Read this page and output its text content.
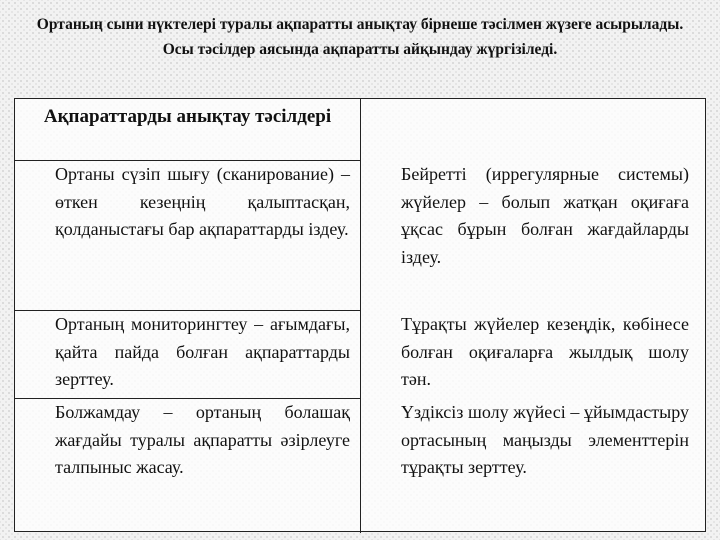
Ортаның сыни нүктелері туралы ақпаратты анықтау бірнеше тәсілмен жүзеге асырылады. Осы тәсілдер аясында ақпаратты айқындау жүргізіледі.
Ақпараттарды анықтау тәсілдері
Ортаны сүзіп шығу (сканирование) – өткен кезеңнің қалыптасқан, қолданыстағы бар ақпараттарды іздеу.
Бейреттi (иррегулярные системы) жүйелер – болып жатқан оқиғаға ұқсас бұрын болған жағдайларды іздеу.
Ортаның мониторингтеу – ағымдағы, қайта пайда болған ақпараттарды зерттеу.
Тұрақты жүйелер кезеңдік, көбінесе болған оқиғаларға жылдық шолу тән.
Болжамдау – ортаның болашақ жағдайы туралы ақпаратты әзірлеуге талпыныс жасау.
Үздіксіз шолу жүйесі – ұйымдастыру ортасының маңызды элементтерін тұрақты зерттеу.
